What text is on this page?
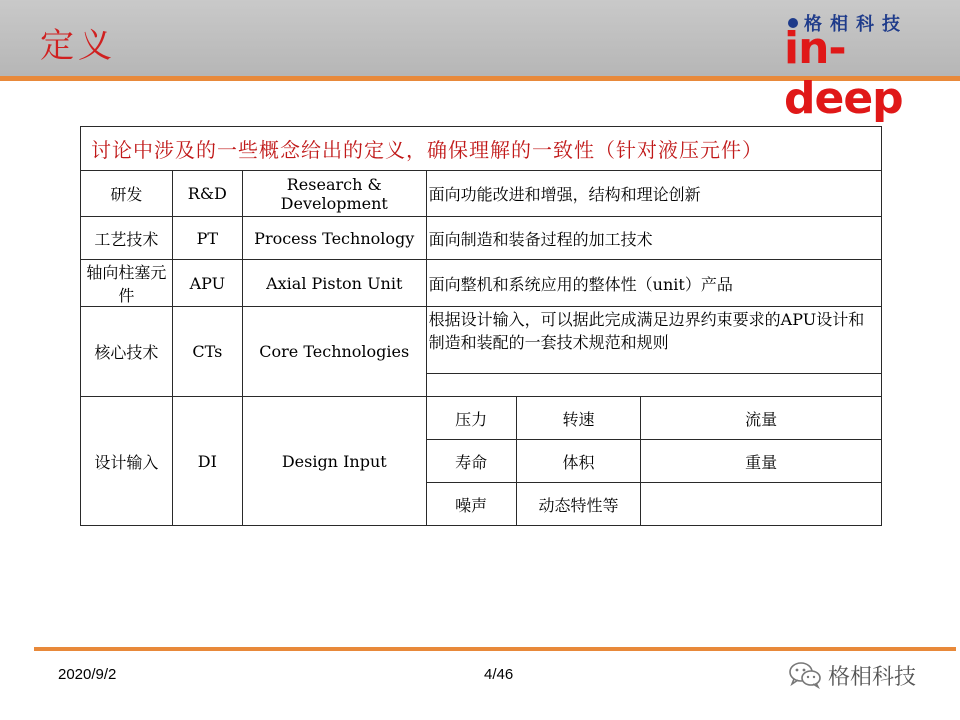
定义
格相科技
in-deep
讨论中涉及的一些概念给出的定义，确保理解的一致性（针对液压元件）					
研发	R&D	Research & Development	面向功能改进和增强，结构和理论创新		
工艺技术	PT	Process Technology	面向制造和装备过程的加工技术		
轴向柱塞元件	APU	Axial Piston Unit	面向整机和系统应用的整体性（unit）产品		
核心技术	CTs	Core Technologies	根据设计输入，可以据此完成满足边界约束要求的APU设计和制造和装配的一套技术规范和规则		

设计输入	DI	Design Input	压力	转速	流量
			寿命	体积	重量
			噪声	动态特性等	
2020/9/2	4/46	格相科技
